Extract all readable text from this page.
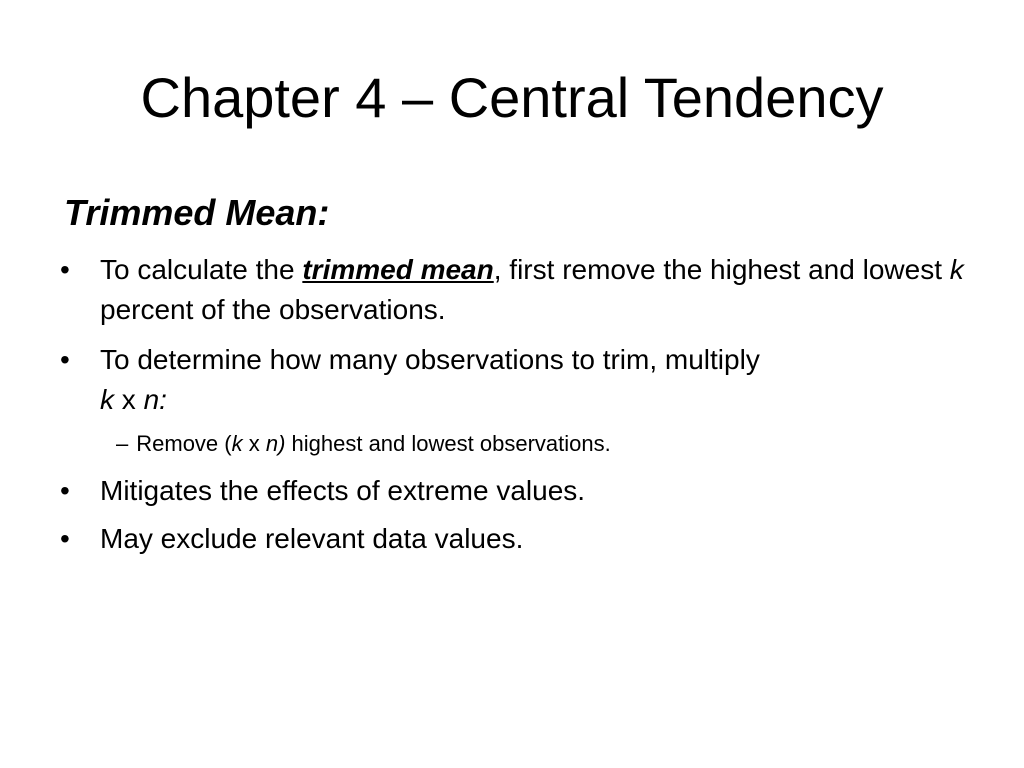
Chapter 4 – Central Tendency
Trimmed Mean:
• To calculate the trimmed mean, first remove the highest and lowest k percent of the observations.
• To determine how many observations to trim, multiply
k x n:
– Remove (k x n) highest and lowest observations.
• Mitigates the effects of extreme values.
• May exclude relevant data values.
